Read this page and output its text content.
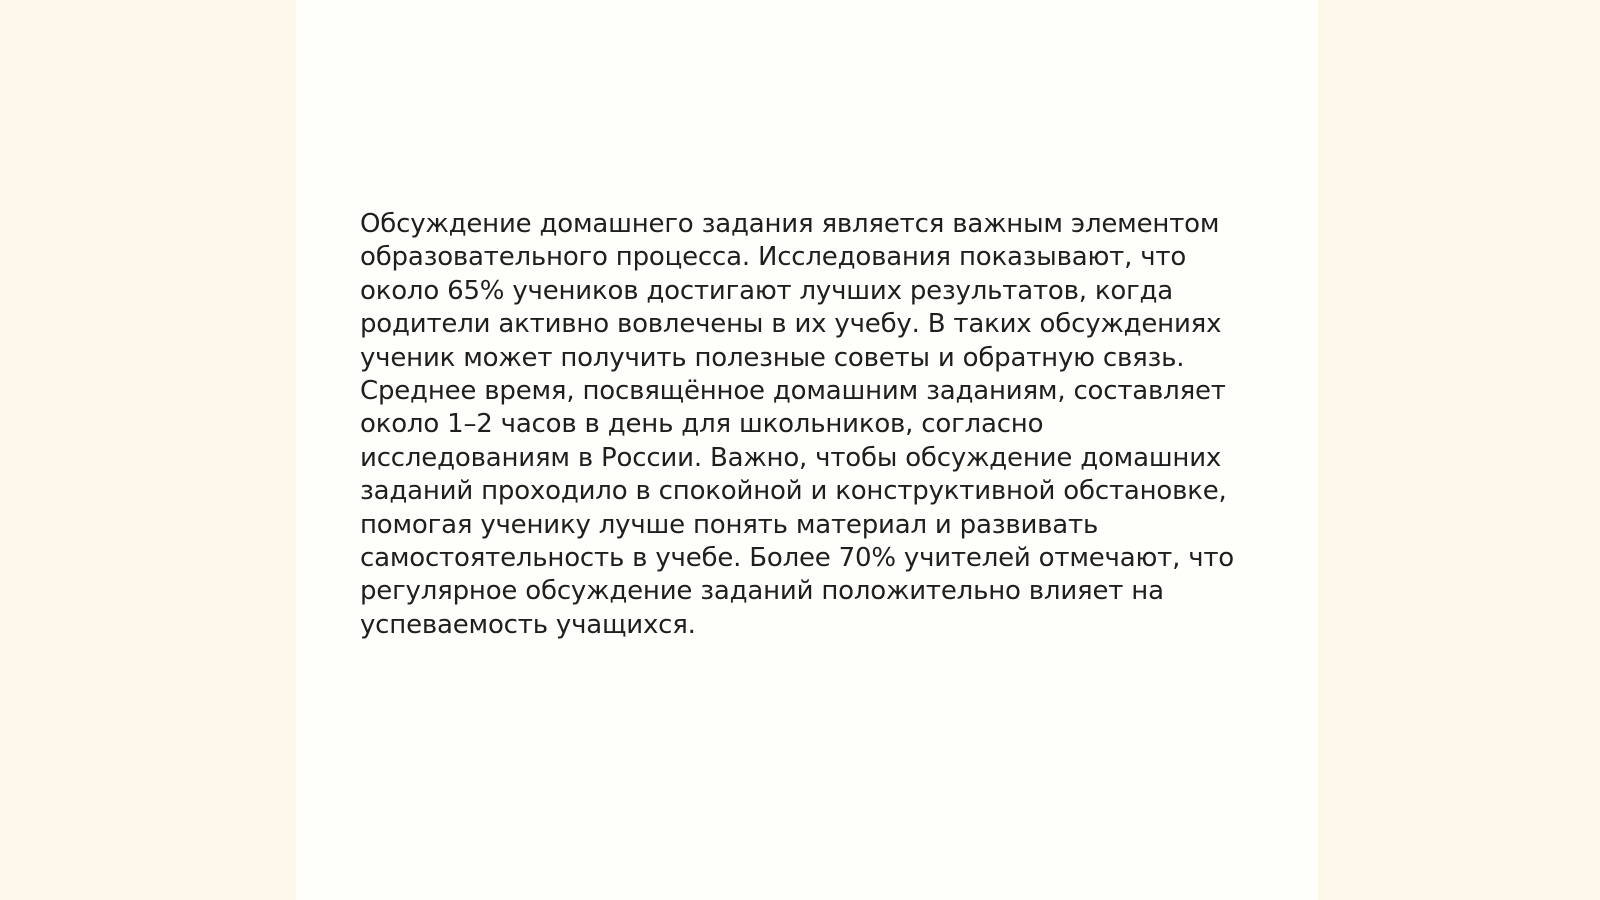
Обсуждение домашнего задания является важным элементом
образовательного процесса. Исследования показывают, что
около 65% учеников достигают лучших результатов, когда
родители активно вовлечены в их учебу. В таких обсуждениях
ученик может получить полезные советы и обратную связь.
Среднее время, посвящённое домашним заданиям, составляет
около 1–2 часов в день для школьников, согласно
исследованиям в России. Важно, чтобы обсуждение домашних
заданий проходило в спокойной и конструктивной обстановке,
помогая ученику лучше понять материал и развивать
самостоятельность в учебе. Более 70% учителей отмечают, что
регулярное обсуждение заданий положительно влияет на
успеваемость учащихся.
